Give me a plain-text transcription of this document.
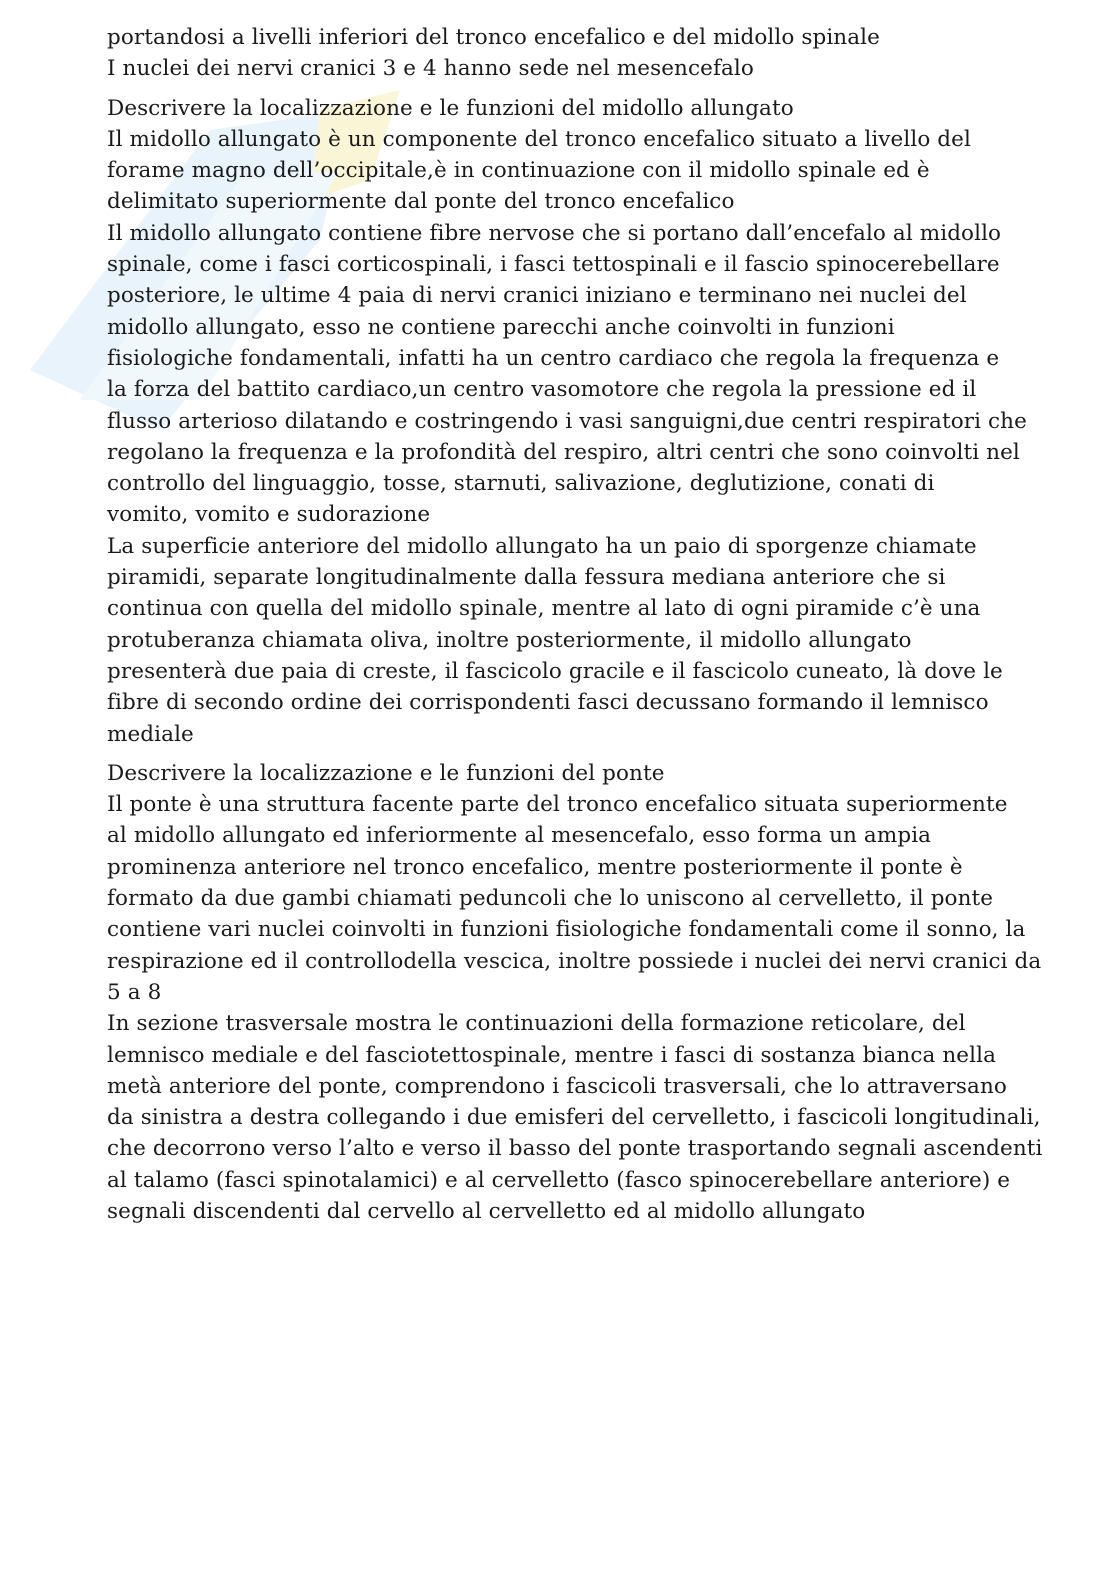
portandosi a livelli inferiori del tronco encefalico e del midollo spinale
I nuclei dei nervi cranici 3 e 4 hanno sede nel mesencefalo
Descrivere la localizzazione e le funzioni del midollo allungato
Il midollo allungato è un componente del tronco encefalico situato a livello del
forame magno dell’occipitale,è in continuazione con il midollo spinale ed è
delimitato superiormente dal ponte del tronco encefalico
Il midollo allungato contiene fibre nervose che si portano dall’encefalo al midollo
spinale, come i fasci corticospinali, i fasci tettospinali e il fascio spinocerebellare
posteriore, le ultime 4 paia di nervi cranici iniziano e terminano nei nuclei del
midollo allungato, esso ne contiene parecchi anche coinvolti in funzioni
fisiologiche fondamentali, infatti ha un centro cardiaco che regola la frequenza e
la forza del battito cardiaco,un centro vasomotore che regola la pressione ed il
flusso arterioso dilatando e costringendo i vasi sanguigni,due centri respiratori che
regolano la frequenza e la profondità del respiro, altri centri che sono coinvolti nel
controllo del linguaggio, tosse, starnuti, salivazione, deglutizione, conati di
vomito, vomito e sudorazione
La superficie anteriore del midollo allungato ha un paio di sporgenze chiamate
piramidi, separate longitudinalmente dalla fessura mediana anteriore che si
continua con quella del midollo spinale, mentre al lato di ogni piramide c’è una
protuberanza chiamata oliva, inoltre posteriormente, il midollo allungato
presenterà due paia di creste, il fascicolo gracile e il fascicolo cuneato, là dove le
fibre di secondo ordine dei corrispondenti fasci decussano formando il lemnisco
mediale
Descrivere la localizzazione e le funzioni del ponte
Il ponte è una struttura facente parte del tronco encefalico situata superiormente
al midollo allungato ed inferiormente al mesencefalo, esso forma un ampia
prominenza anteriore nel tronco encefalico, mentre posteriormente il ponte è
formato da due gambi chiamati peduncoli che lo uniscono al cervelletto, il ponte
contiene vari nuclei coinvolti in funzioni fisiologiche fondamentali come il sonno, la
respirazione ed il controllodella vescica, inoltre possiede i nuclei dei nervi cranici da
5 a 8
In sezione trasversale mostra le continuazioni della formazione reticolare, del
lemnisco mediale e del fasciotettospinale, mentre i fasci di sostanza bianca nella
metà anteriore del ponte, comprendono i fascicoli trasversali, che lo attraversano
da sinistra a destra collegando i due emisferi del cervelletto, i fascicoli longitudinali,
che decorrono verso l’alto e verso il basso del ponte trasportando segnali ascendenti
al talamo (fasci spinotalamici) e al cervelletto (fasco spinocerebellare anteriore) e
segnali discendenti dal cervello al cervelletto ed al midollo allungato
